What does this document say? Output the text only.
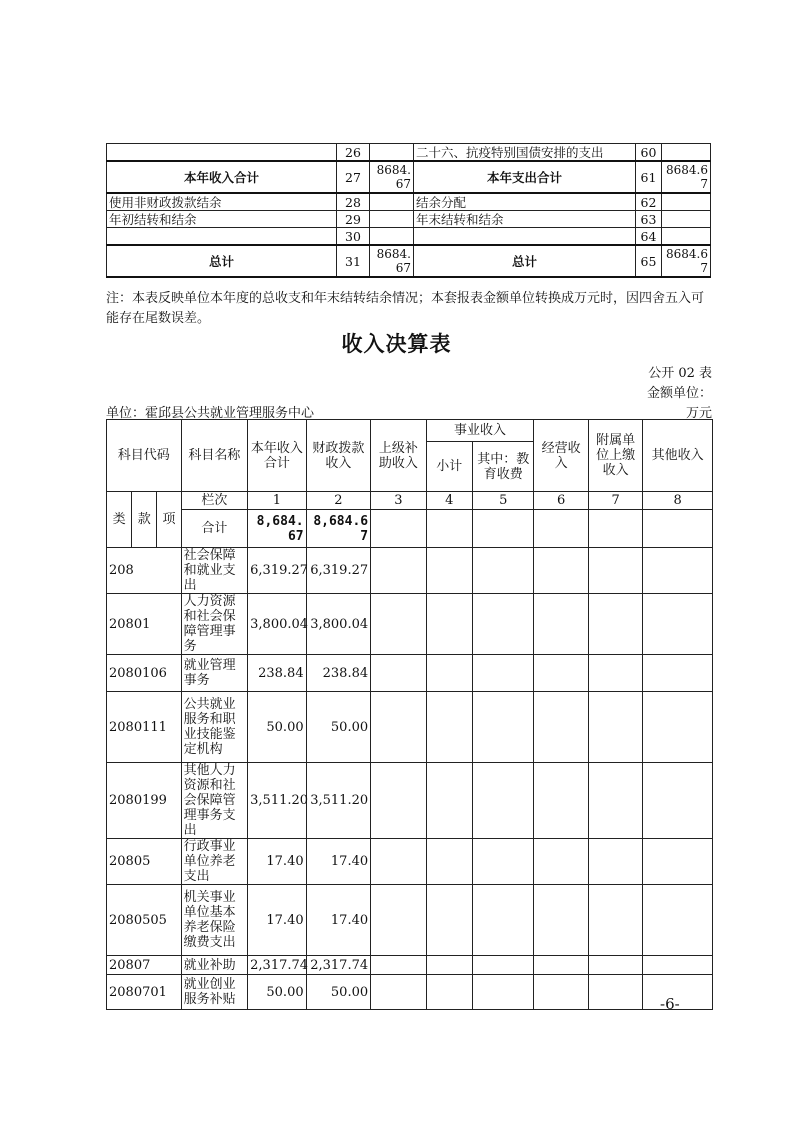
	26		二十六、抗疫特别国债安排的支出	60	
本年收入合计	27	8684.67	本年支出合计	61	8684.67
使用非财政拨款结余	28		结余分配	62	
年初结转和结余	29		年末结转和结余	63	
	30			64	
总计	31	8684.67	总计	65	8684.67
注：本表反映单位本年度的总收支和年末结转结余情况；本套报表金额单位转换成万元时，因四舍五入可能存在尾数误差。
收入决算表
公开 02 表
金额单位：
万元
单位：霍邱县公共就业管理服务中心
科目代码			科目名称	本年收入合计	财政拨款收入	上级补助收入	事业收入		经营收入	附属单位上缴收入	其他收入
							小计	其中：教育收费			
类	款	项	栏次	1	2	3	4	5	6	7	8
			合计	8,684.67	8,684.67						
208			社会保障和就业支出	6,319.27	6,319.27						
20801			人力资源和社会保障管理事务	3,800.04	3,800.04						
2080106			就业管理事务	238.84	238.84						
2080111			公共就业服务和职业技能鉴定机构	50.00	50.00						
2080199			其他人力资源和社会保障管理事务支出	3,511.20	3,511.20						
20805			行政事业单位养老支出	17.40	17.40						
2080505			机关事业单位基本养老保险缴费支出	17.40	17.40						
20807			就业补助	2,317.74	2,317.74						
2080701			就业创业服务补贴	50.00	50.00						
-6-
